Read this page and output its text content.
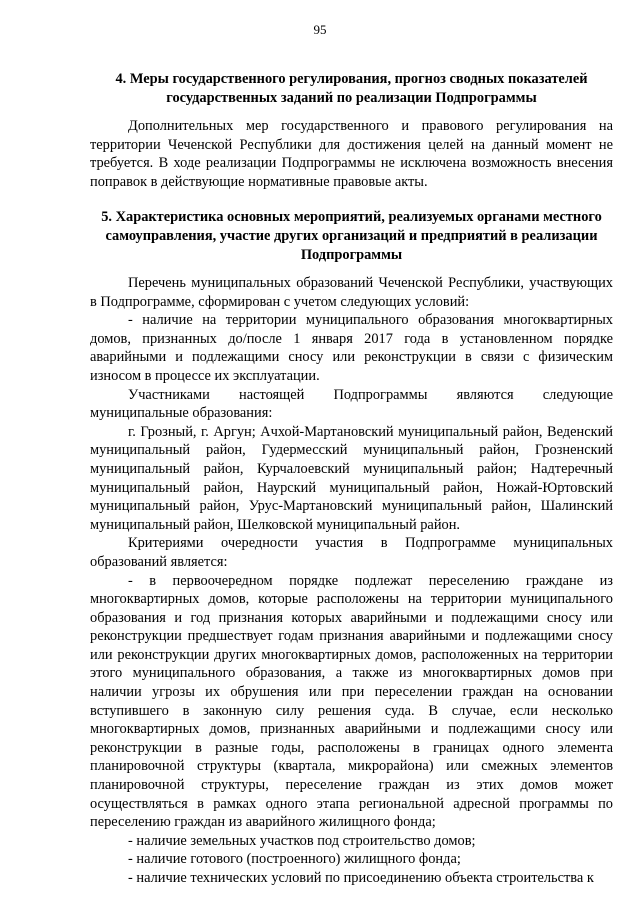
95

4. Меры государственного регулирования, прогноз сводных показателей государственных заданий по реализации Подпрограммы

Дополнительных мер государственного и правового регулирования на территории Чеченской Республики для достижения целей на данный момент не требуется. В ходе реализации Подпрограммы не исключена возможность внесения поправок в действующие нормативные правовые акты.

5. Характеристика основных мероприятий, реализуемых органами местного самоуправления, участие других организаций и предприятий в реализации Подпрограммы

Перечень муниципальных образований Чеченской Республики, участвующих в Подпрограмме, сформирован с учетом следующих условий:

- наличие на территории муниципального образования многоквартирных домов, признанных до/после 1 января 2017 года в установленном порядке аварийными и подлежащими сносу или реконструкции в связи с физическим износом в процессе их эксплуатации.

Участниками настоящей Подпрограммы являются следующие муниципальные образования:

г. Грозный, г. Аргун; Ачхой-Мартановский муниципальный район, Веденский муниципальный район, Гудермесский муниципальный район, Грозненский муниципальный район, Курчалоевский муниципальный район; Надтеречный муниципальный район, Наурский муниципальный район, Ножай-Юртовский муниципальный район, Урус-Мартановский муниципальный район, Шалинский муниципальный район, Шелковской муниципальный район.

Критериями очередности участия в Подпрограмме муниципальных образований является:

- в первоочередном порядке подлежат переселению граждане из многоквартирных домов, которые расположены на территории муниципального образования и год признания которых аварийными и подлежащими сносу или реконструкции предшествует годам признания аварийными и подлежащими сносу или реконструкции других многоквартирных домов, расположенных на территории этого муниципального образования, а также из многоквартирных домов при наличии угрозы их обрушения или при переселении граждан на основании вступившего в законную силу решения суда. В случае, если несколько многоквартирных домов, признанных аварийными и подлежащими сносу или реконструкции в разные годы, расположены в границах одного элемента планировочной структуры (квартала, микрорайона) или смежных элементов планировочной структуры, переселение граждан из этих домов может осуществляться в рамках одного этапа региональной адресной программы по переселению граждан из аварийного жилищного фонда;

- наличие земельных участков под строительство домов;

- наличие готового (построенного) жилищного фонда;

- наличие технических условий по присоединению объекта строительства к
